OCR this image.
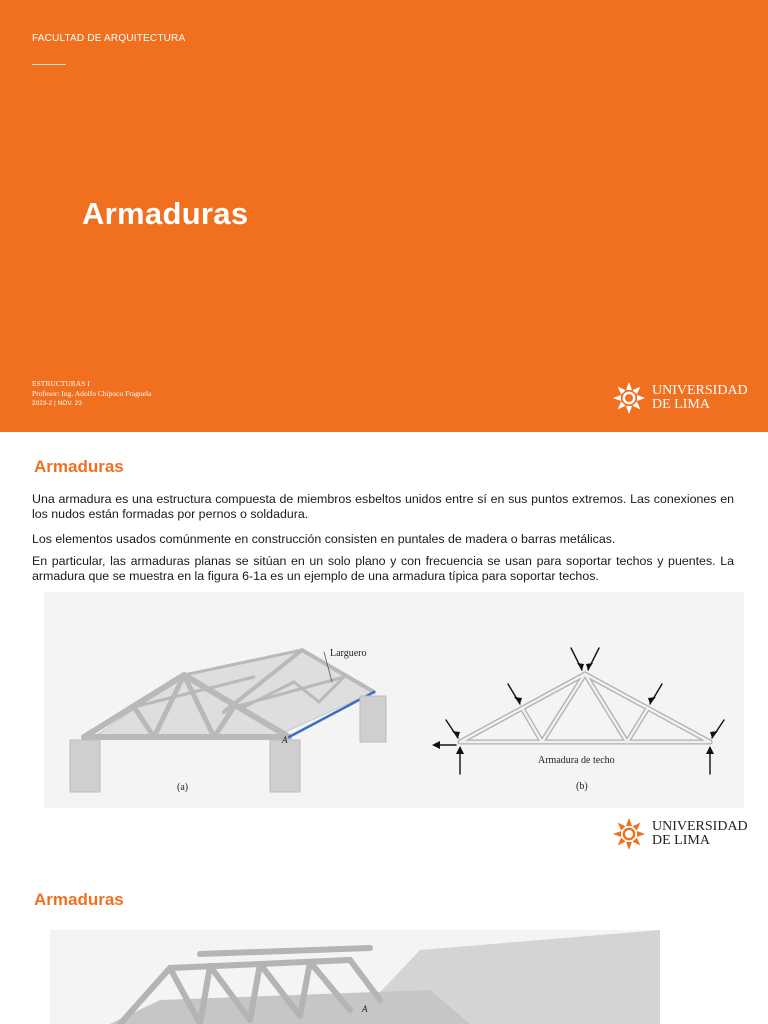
FACULTAD DE ARQUITECTURA
Armaduras
ESTRUCTURAS I
Profesor: Ing. Adolfo Chipoco Fraguela
2023-2 | NOV. 23
UNIVERSIDAD
DE LIMA
Armaduras

Una armadura es una estructura compuesta de miembros esbeltos unidos entre sí en sus puntos extremos. Las conexiones en los nudos están formadas por pernos o soldadura.

Los elementos usados comúnmente en construcción consisten en puntales de madera o barras metálicas.

En particular, las armaduras planas se sitúan en un solo plano y con frecuencia se usan para soportar techos y puentes. La armadura que se muestra en la figura 6-1a es un ejemplo de una armadura típica para soportar techos.

Larguero
A
(a)
Armadura de techo
(b)
UNIVERSIDAD
DE LIMA
Armaduras
A
